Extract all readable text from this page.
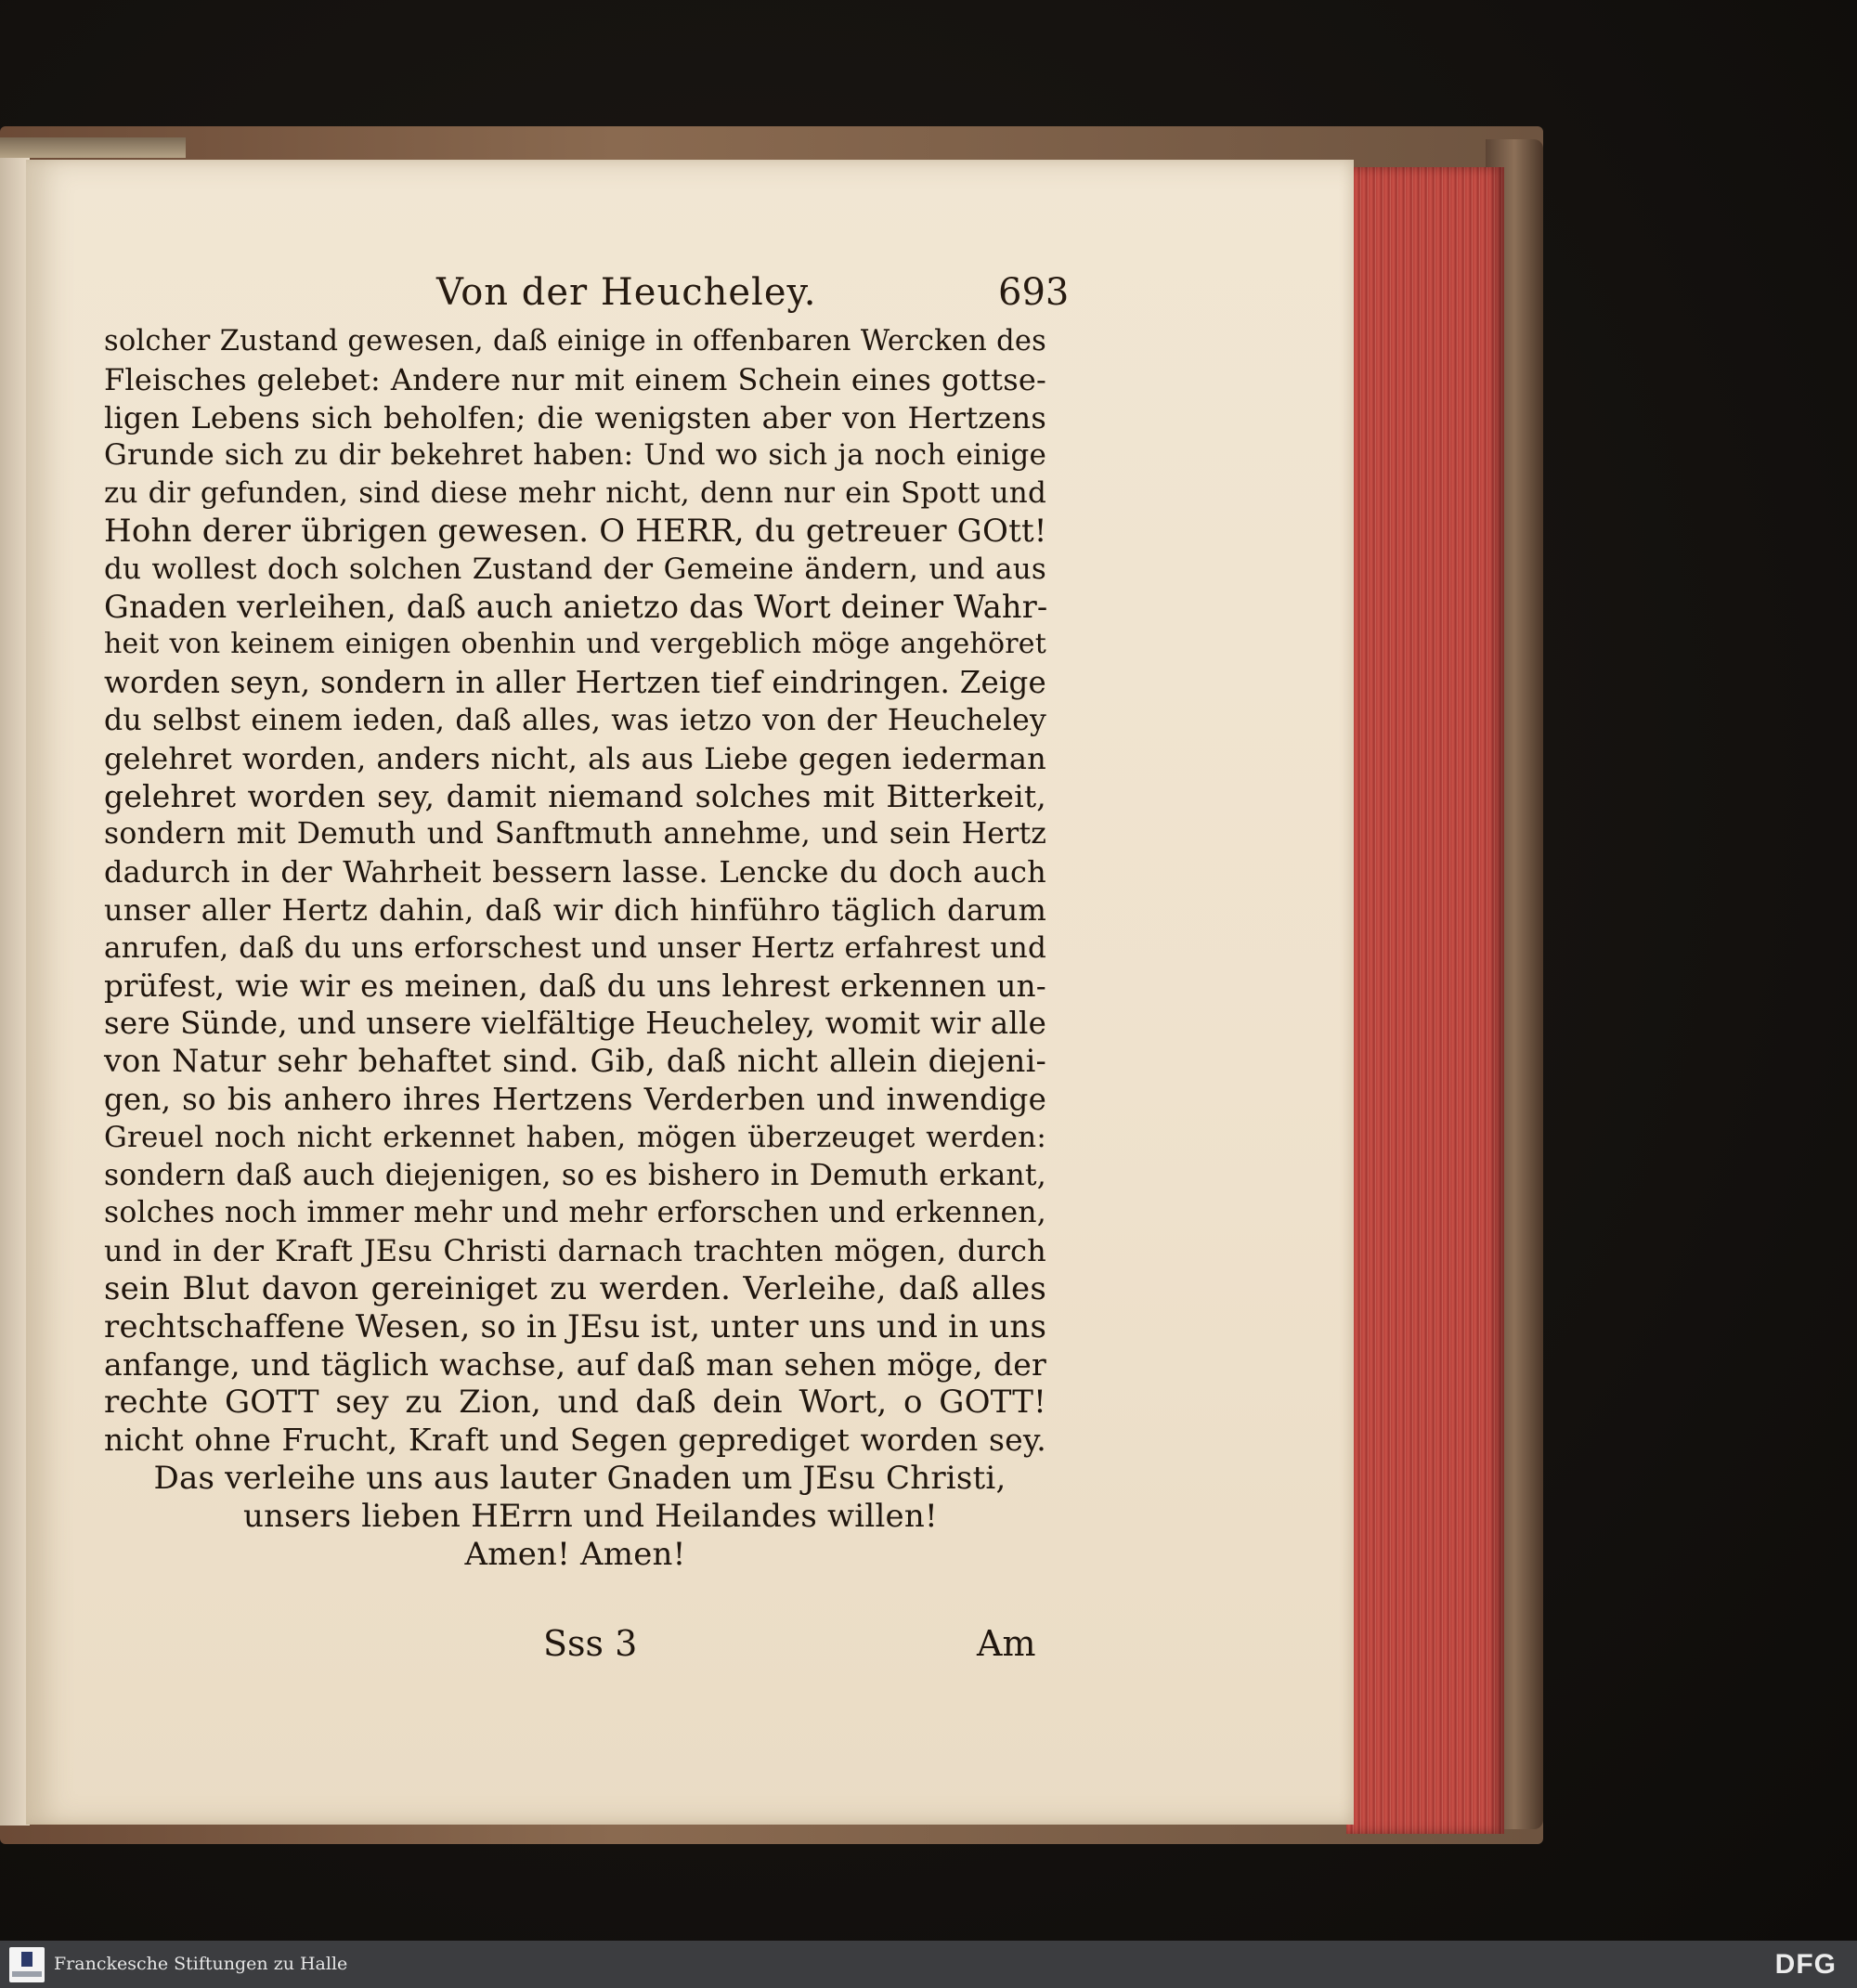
Von der Heucheley.	693
solcher Zustand gewesen, daß einige in offenbaren Wercken des
Fleisches gelebet: Andere nur mit einem Schein eines gottse-
ligen Lebens sich beholfen; die wenigsten aber von Hertzens
Grunde sich zu dir bekehret haben: Und wo sich ja noch einige
zu dir gefunden, sind diese mehr nicht, denn nur ein Spott und
Hohn derer übrigen gewesen. O HERR, du getreuer GOtt!
du wollest doch solchen Zustand der Gemeine ändern, und aus
Gnaden verleihen, daß auch anietzo das Wort deiner Wahr-
heit von keinem einigen obenhin und vergeblich möge angehöret
worden seyn, sondern in aller Hertzen tief eindringen. Zeige
du selbst einem ieden, daß alles, was ietzo von der Heucheley
gelehret worden, anders nicht, als aus Liebe gegen iederman
gelehret worden sey, damit niemand solches mit Bitterkeit,
sondern mit Demuth und Sanftmuth annehme, und sein Hertz
dadurch in der Wahrheit bessern lasse. Lencke du doch auch
unser aller Hertz dahin, daß wir dich hinführo täglich darum
anrufen, daß du uns erforschest und unser Hertz erfahrest und
prüfest, wie wir es meinen, daß du uns lehrest erkennen un-
sere Sünde, und unsere vielfältige Heucheley, womit wir alle
von Natur sehr behaftet sind. Gib, daß nicht allein diejeni-
gen, so bis anhero ihres Hertzens Verderben und inwendige
Greuel noch nicht erkennet haben, mögen überzeuget werden:
sondern daß auch diejenigen, so es bishero in Demuth erkant,
solches noch immer mehr und mehr erforschen und erkennen,
und in der Kraft JEsu Christi darnach trachten mögen, durch
sein Blut davon gereiniget zu werden. Verleihe, daß alles
rechtschaffene Wesen, so in JEsu ist, unter uns und in uns
anfange, und täglich wachse, auf daß man sehen möge, der
rechte GOTT sey zu Zion, und daß dein Wort, o GOTT!
nicht ohne Frucht, Kraft und Segen geprediget worden sey.
Das verleihe uns aus lauter Gnaden um JEsu Christi,
unsers lieben HErrn und Heilandes willen!
Amen! Amen!
Sss 3	Am
Franckesche Stiftungen zu Halle	DFG
